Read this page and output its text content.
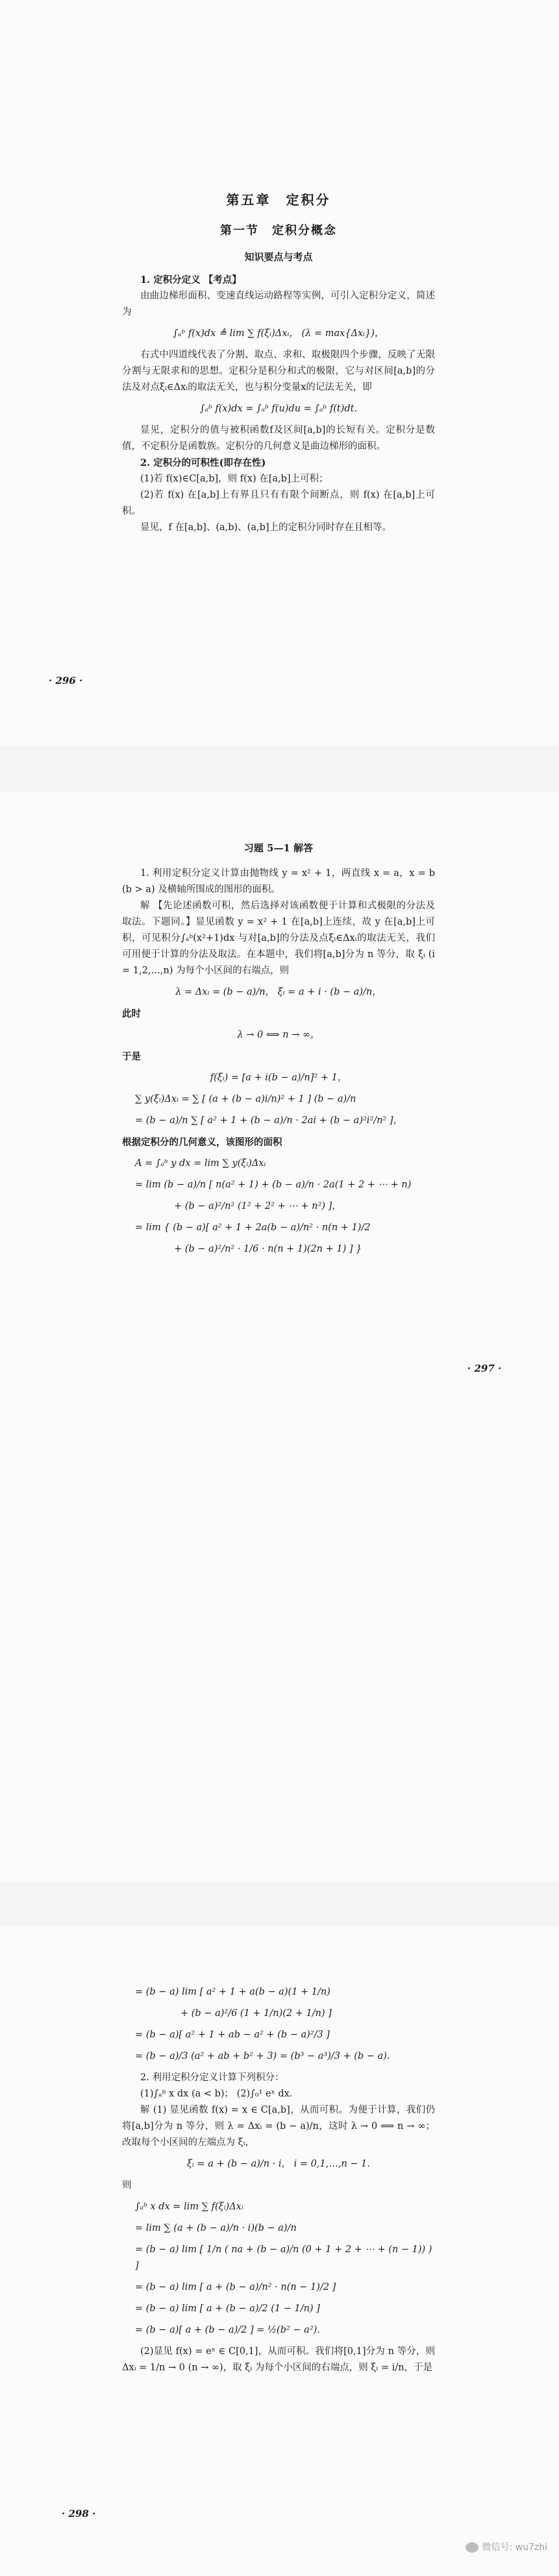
第五章　定积分
第一节　定积分概念
知识要点与考点

1. 定积分定义 【考点】

由曲边梯形面积、变速直线运动路程等实例，可引入定积分定义，简述为

∫ₐᵇ f(x)dx ≜ lim ∑ f(ξᵢ)Δxᵢ， (λ = max{Δxᵢ})，

右式中四道线代表了分割、取点、求和、取极限四个步骤，反映了无限分割与无限求和的思想。定积分是积分和式的极限，它与对区间[a,b]的分法及对点ξᵢ∈Δxᵢ的取法无关，也与积分变量x的记法无关，即

∫ₐᵇ f(x)dx = ∫ₐᵇ f(u)du = ∫ₐᵇ f(t)dt.

显见，定积分的值与被积函数f及区间[a,b]的长短有关。定积分是数值，不定积分是函数族。定积分的几何意义是曲边梯形的面积。

2. 定积分的可积性(即存在性)

(1)若 f(x)∈C[a,b]，则 f(x) 在[a,b]上可积；

(2)若 f(x) 在[a,b]上有界且只有有限个间断点，则 f(x) 在[a,b]上可积。

显见，f 在[a,b]、(a,b)、(a,b]上的定积分同时存在且相等。

· 296 ·
习题 5—1 解答

1. 利用定积分定义计算由抛物线 y = x² + 1，两直线 x = a，x = b (b > a) 及横轴所围成的图形的面积。

解 【先论述函数可积，然后选择对该函数便于计算和式极限的分法及取法。下题同。】显见函数 y = x² + 1 在[a,b]上连续，故 y 在[a,b]上可积，可见积分∫ₐᵇ(x²+1)dx 与对[a,b]的分法及点ξᵢ∈Δxᵢ的取法无关，我们可用便于计算的分法及取法。在本题中，我们将[a,b]分为 n 等分，取 ξᵢ (i = 1,2,…,n) 为每个小区间的右端点，则

λ = Δxᵢ = (b − a)/n， ξᵢ = a + i · (b − a)/n，

此时

λ → 0 ⟺ n → ∞，

于是

f(ξᵢ) = [a + i(b − a)/n]² + 1，
∑ y(ξᵢ)Δxᵢ = ∑ [ (a + (b − a)i/n)² + 1 ] (b − a)/n
= (b − a)/n ∑ [ a² + 1 + (b − a)/n · 2ai + (b − a)²i²/n² ]，

根据定积分的几何意义，该图形的面积

A = ∫ₐᵇ y dx = lim ∑ y(ξᵢ)Δxᵢ
= lim (b − a)/n [ n(a² + 1) + (b − a)/n · 2a(1 + 2 + ⋯ + n)
+ (b − a)²/n² (1² + 2² + ⋯ + n²) ]，
= lim { (b − a)[ a² + 1 + 2a(b − a)/n² · n(n + 1)/2
+ (b − a)²/n² · 1/6 · n(n + 1)(2n + 1) ] }
· 297 ·
= (b − a) lim [ a² + 1 + a(b − a)(1 + 1/n)
+ (b − a)²/6 (1 + 1/n)(2 + 1/n) ]
= (b − a)[ a² + 1 + ab − a² + (b − a)²/3 ]
= (b − a)/3 (a² + ab + b² + 3) = (b³ − a³)/3 + (b − a).

2. 利用定积分定义计算下列积分：

(1)∫ₐᵇ x dx (a < b)； (2)∫₀¹ eˣ dx.

解 (1) 显见函数 f(x) = x ∈ C[a,b]，从而可积。为便于计算，我们仍将[a,b]分为 n 等分，则 λ = Δxᵢ = (b − a)/n，这时 λ → 0 ⟺ n → ∞；改取每个小区间的左端点为 ξᵢ，

ξᵢ = a + (b − a)/n · i， i = 0,1,…,n − 1.

则

∫ₐᵇ x dx = lim ∑ f(ξᵢ)Δxᵢ
= lim ∑ (a + (b − a)/n · i)(b − a)/n
= (b − a) lim [ 1/n ( na + (b − a)/n (0 + 1 + 2 + ⋯ + (n − 1)) ) ]
= (b − a) lim [ a + (b − a)/n² · n(n − 1)/2 ]
= (b − a) lim [ a + (b − a)/2 (1 − 1/n) ]
= (b − a)[ a + (b − a)/2 ] = ½(b² − a²).

(2)显见 f(x) = eˣ ∈ C[0,1]，从而可积。我们将[0,1]分为 n 等分，则 Δxᵢ = 1/n → 0 (n → ∞)，取 ξᵢ 为每个小区间的右端点，则 ξᵢ = i/n，于是

· 298 ·
微信号: wu7zhi
